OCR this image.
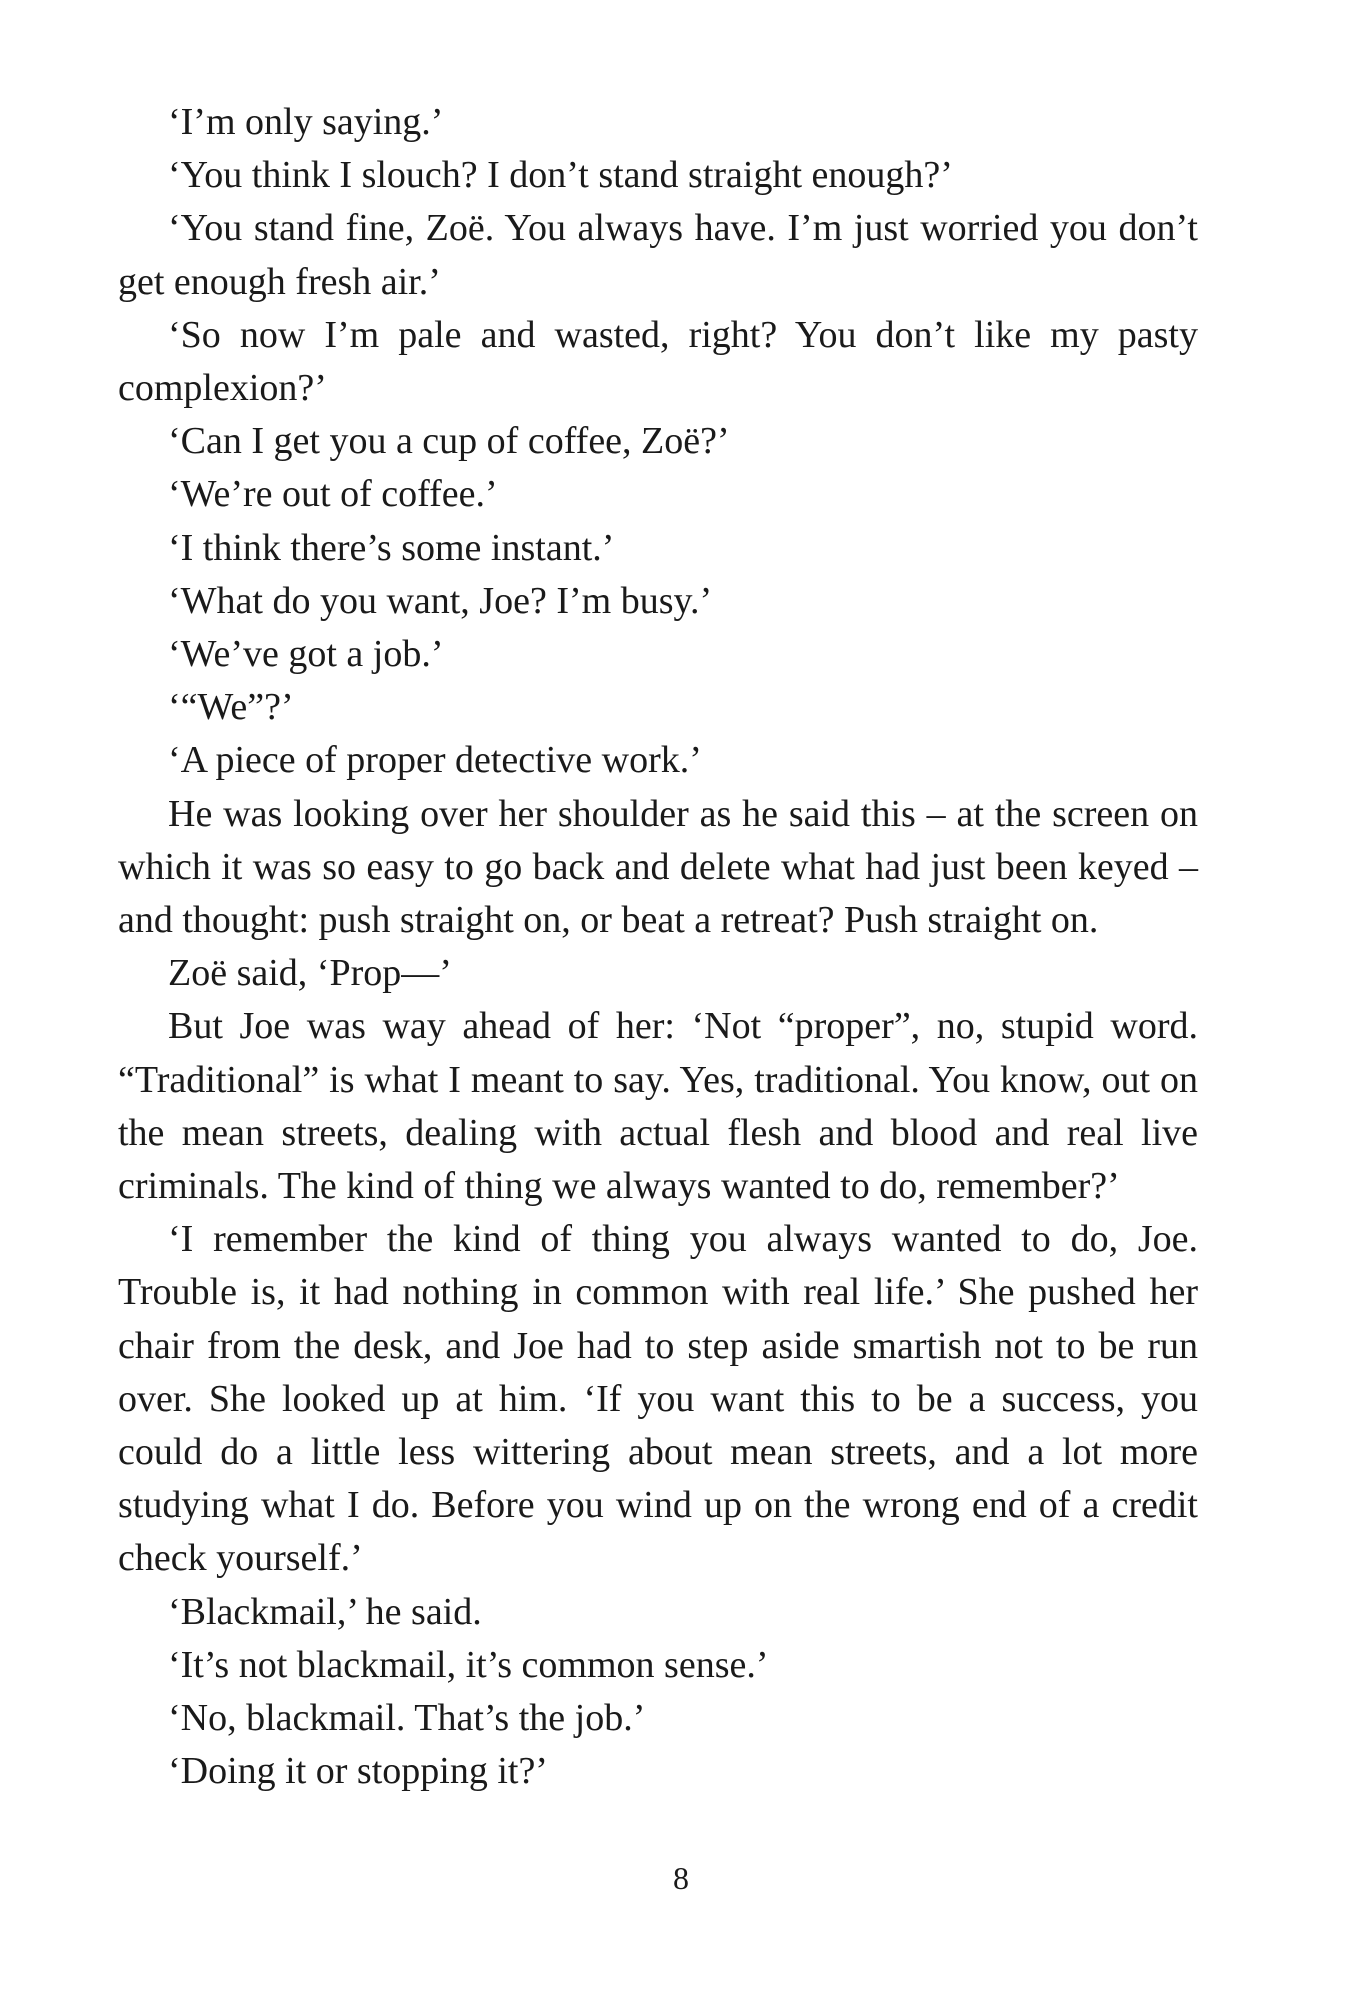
‘I’m only saying.’

‘You think I slouch? I don’t stand straight enough?’

‘You stand fine, Zoë. You always have. I’m just worried you don’t get enough fresh air.’

‘So now I’m pale and wasted, right? You don’t like my pasty complexion?’

‘Can I get you a cup of coffee, Zoë?’

‘We’re out of coffee.’

‘I think there’s some instant.’

‘What do you want, Joe? I’m busy.’

‘We’ve got a job.’

‘“We”?’

‘A piece of proper detective work.’

He was looking over her shoulder as he said this – at the screen on which it was so easy to go back and delete what had just been keyed – and thought: push straight on, or beat a retreat? Push straight on.

Zoë said, ‘Prop—’

But Joe was way ahead of her: ‘Not “proper”, no, stupid word. “Traditional” is what I meant to say. Yes, traditional. You know, out on the mean streets, dealing with actual flesh and blood and real live criminals. The kind of thing we always wanted to do, remember?’

‘I remember the kind of thing you always wanted to do, Joe. Trouble is, it had nothing in common with real life.’ She pushed her chair from the desk, and Joe had to step aside smartish not to be run over. She looked up at him. ‘If you want this to be a success, you could do a little less wittering about mean streets, and a lot more studying what I do. Before you wind up on the wrong end of a credit check yourself.’

‘Blackmail,’ he said.

‘It’s not blackmail, it’s common sense.’

‘No, blackmail. That’s the job.’

‘Doing it or stopping it?’

8
